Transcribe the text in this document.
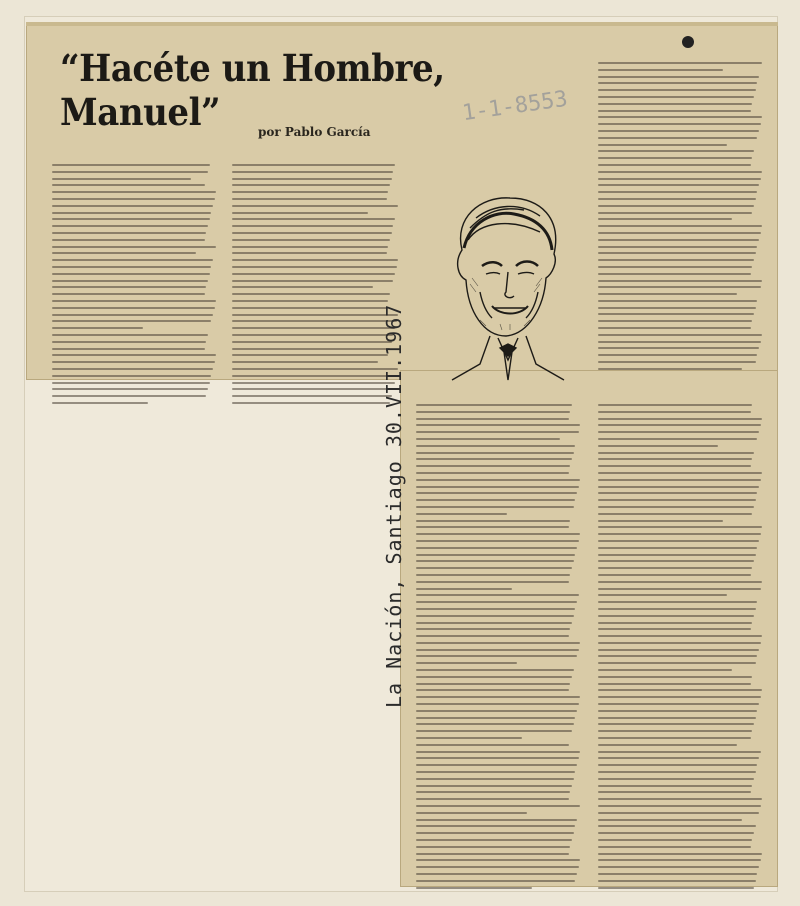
“Hacéte un Hombre, Manuel”	por Pablo García
1-1-8553
La Nación, Santiago 30.VII.1967
